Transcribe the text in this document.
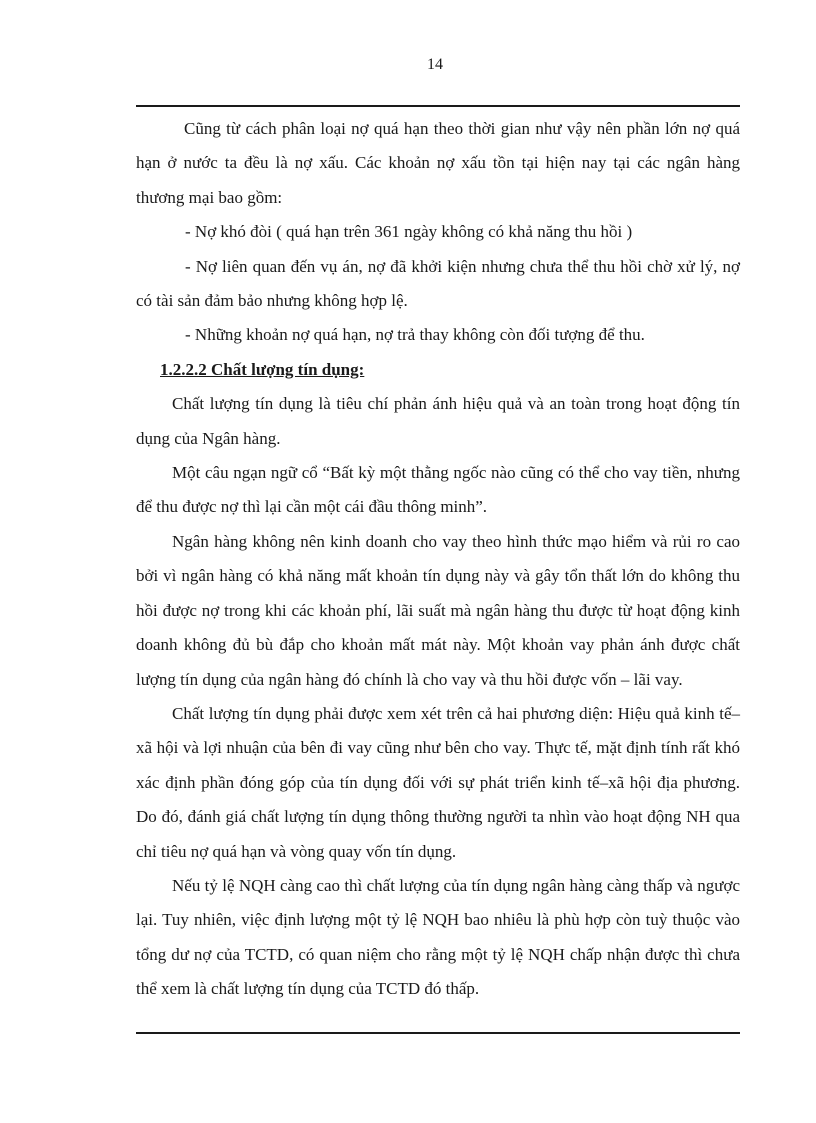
14

Cũng từ cách phân loại nợ quá hạn theo thời gian như vậy nên phần lớn nợ quá hạn ở nước ta đều là nợ xấu. Các khoản nợ xấu tồn tại hiện nay tại các ngân hàng thương mại bao gồm:

- Nợ khó đòi ( quá hạn trên 361 ngày không có khả năng thu hồi )

- Nợ liên quan đến vụ án, nợ đã khởi kiện nhưng chưa thể thu hồi chờ xử lý, nợ có tài sản đảm bảo nhưng không hợp lệ.

- Những khoản nợ quá hạn, nợ trả thay không còn đối tượng để thu.

1.2.2.2 Chất lượng tín dụng:

Chất lượng tín dụng là tiêu chí phản ánh hiệu quả và an toàn trong hoạt động tín dụng của Ngân hàng.

Một câu ngạn ngữ cổ “Bất kỳ một thằng ngốc nào cũng có thể cho vay tiền, nhưng để thu được nợ thì lại cần một cái đầu thông minh”.

Ngân hàng không nên kinh doanh cho vay theo hình thức mạo hiểm và rủi ro cao bởi vì ngân hàng có khả năng mất khoản tín dụng này và gây tổn thất lớn do không thu hồi được nợ trong khi các khoản phí, lãi suất mà ngân hàng thu được từ hoạt động kinh doanh không đủ bù đắp cho khoản mất mát này. Một khoản vay phản ánh được chất lượng tín dụng của ngân hàng đó chính là cho vay và thu hồi được vốn – lãi vay.

Chất lượng tín dụng phải được xem xét trên cả hai phương diện: Hiệu quả kinh tế–xã hội và lợi nhuận của bên đi vay cũng như bên cho vay. Thực tế, mặt định tính rất khó xác định phần đóng góp của tín dụng đối với sự phát triển kinh tế–xã hội địa phương. Do đó, đánh giá chất lượng tín dụng thông thường người ta nhìn vào hoạt động NH qua chỉ tiêu nợ quá hạn và vòng quay vốn tín dụng.

Nếu tỷ lệ NQH càng cao thì chất lượng của tín dụng ngân hàng càng thấp và ngược lại. Tuy nhiên, việc định lượng một tỷ lệ NQH bao nhiêu là phù hợp còn tuỳ thuộc vào tổng dư nợ của TCTD, có quan niệm cho rằng một tỷ lệ NQH chấp nhận được thì chưa thể xem là chất lượng tín dụng của TCTD đó thấp.
